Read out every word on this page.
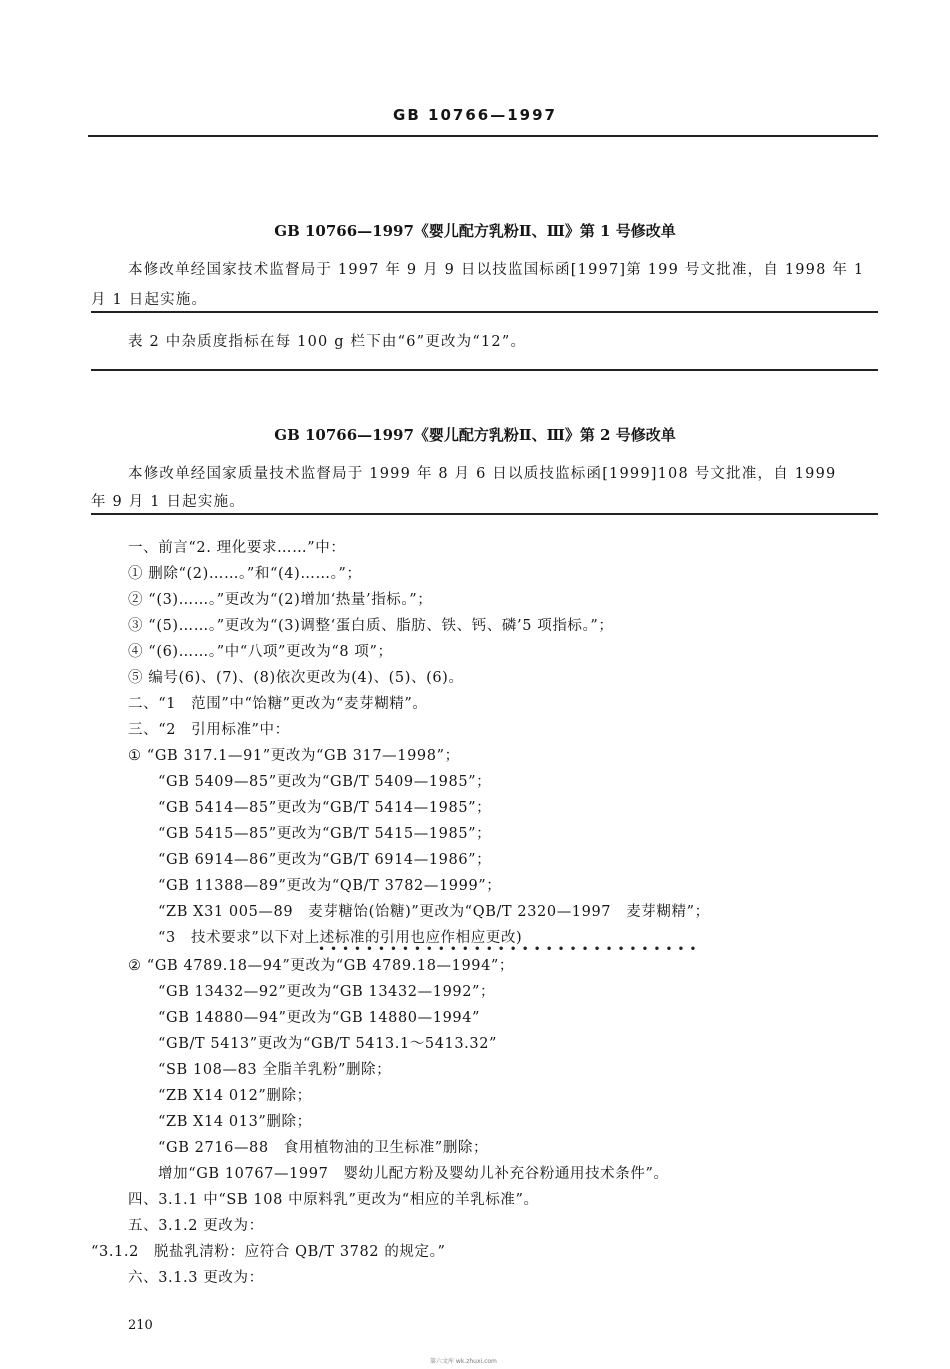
GB 10766—1997
GB 10766—1997《婴儿配方乳粉Ⅱ、Ⅲ》第 1 号修改单
本修改单经国家技术监督局于 1997 年 9 月 9 日以技监国标函[1997]第 199 号文批准，自 1998 年 1
月 1 日起实施。
表 2 中杂质度指标在每 100 g 栏下由“6”更改为“12”。
GB 10766—1997《婴儿配方乳粉Ⅱ、Ⅲ》第 2 号修改单
本修改单经国家质量技术监督局于 1999 年 8 月 6 日以质技监标函[1999]108 号文批准，自 1999
年 9 月 1 日起实施。
一、前言“2. 理化要求……”中：
① 删除“(2)……。”和“(4)……。”；
② “(3)……。”更改为“(2)增加‘热量’指标。”；
③ “(5)……。”更改为“(3)调整‘蛋白质、脂肪、铁、钙、磷’5 项指标。”；
④ “(6)……。”中“八项”更改为“8 项”；
⑤ 编号(6)、(7)、(8)依次更改为(4)、(5)、(6)。
二、“1　范围”中“饴糖”更改为“麦芽糊精”。
三、“2　引用标准”中：
① “GB 317.1—91”更改为“GB 317—1998”；
“GB 5409—85”更改为“GB/T 5409—1985”；
“GB 5414—85”更改为“GB/T 5414—1985”；
“GB 5415—85”更改为“GB/T 5415—1985”；
“GB 6914—86”更改为“GB/T 6914—1986”；
“GB 11388—89”更改为“QB/T 3782—1999”；
“ZB X31 005—89　麦芽糖饴(饴糖)”更改为“QB/T 2320—1997　麦芽糊精”；
“3　技术要求”以下对上述标准的引用也应作相应更改)
••••••••••••••••••••••••••••••••
② “GB 4789.18—94”更改为“GB 4789.18—1994”；
“GB 13432—92”更改为“GB 13432—1992”；
“GB 14880—94”更改为“GB 14880—1994”
“GB/T 5413”更改为“GB/T 5413.1～5413.32”
“SB 108—83 全脂羊乳粉”删除；
“ZB X14 012”删除；
“ZB X14 013”删除；
“GB 2716—88　食用植物油的卫生标准”删除；
增加“GB 10767—1997　婴幼儿配方粉及婴幼儿补充谷粉通用技术条件”。
四、3.1.1 中“SB 108 中原料乳”更改为“相应的羊乳标准”。
五、3.1.2 更改为：
“3.1.2　脱盐乳清粉：应符合 QB/T 3782 的规定。”
六、3.1.3 更改为：
210
第六文库 wk.zhuxi.com
